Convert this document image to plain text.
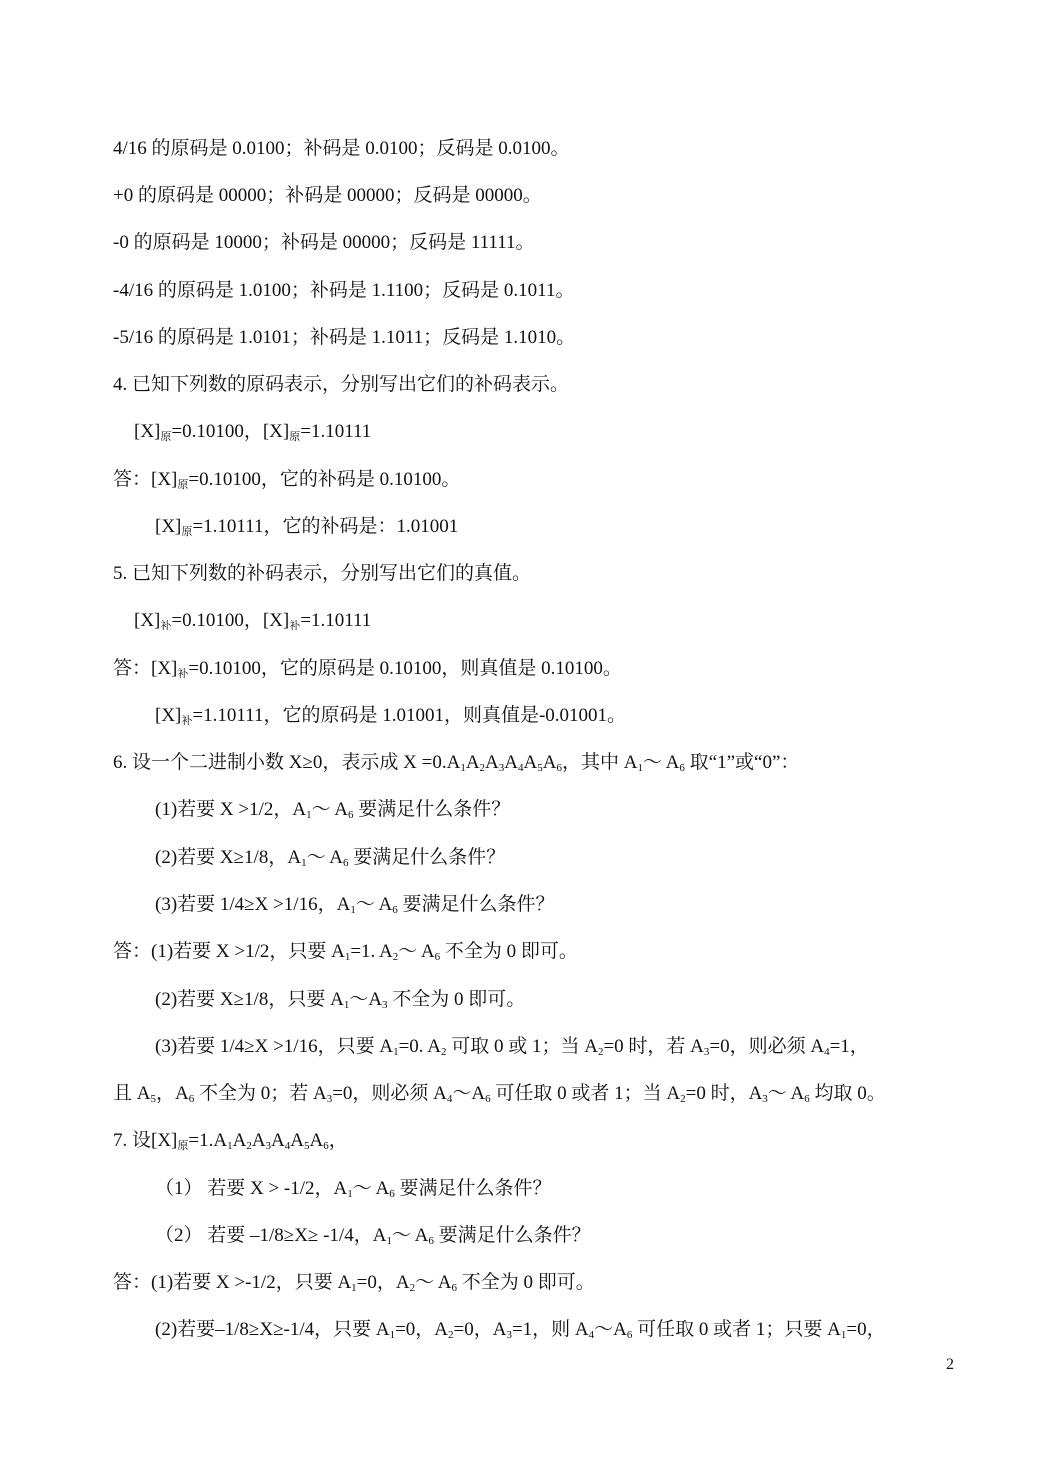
4/16 的原码是 0.0100；补码是 0.0100；反码是 0.0100。
+0 的原码是 00000；补码是 00000；反码是 00000。
-0 的原码是 10000；补码是 00000；反码是 11111。
-4/16 的原码是 1.0100；补码是 1.1100；反码是 0.1011。
-5/16 的原码是 1.0101；补码是 1.1011；反码是 1.1010。
4. 已知下列数的原码表示，分别写出它们的补码表示。
$[X]_原=0.10100$，$[X]_原=1.10111$
答：$[X]_原=0.10100$，它的补码是 0.10100。
$[X]_原=1.10111$，它的补码是：1.01001
5. 已知下列数的补码表示，分别写出它们的真值。
$[X]_补=0.10100$，$[X]_补=1.10111$
答：$[X]_补=0.10100$，它的原码是 0.10100，则真值是 0.10100。
$[X]_补=1.10111$，它的原码是 1.01001，则真值是-0.01001。
6. 设一个二进制小数 X≥0，表示成 $X =0.A_1A_2A_3A_4A_5A_6$，其中 $A_1\sim$ $A_6$ 取“1”或“0”：
(1)若要 X >1/2，$A_1\sim$ $A_6$ 要满足什么条件？
(2)若要 X≥1/8，$A_1\sim$ $A_6$ 要满足什么条件？
(3)若要 1/4≥X >1/16，$A_1\sim$ $A_6$ 要满足什么条件？
答：(1)若要 X >1/2，只要 $A_1=1$. $A_2\sim$ $A_6$ 不全为 0 即可。
(2)若要 X≥1/8，只要 $A_1\sim A_3$ 不全为 0 即可。
(3)若要 1/4≥X >1/16，只要 $A_1=0$. $A_2$ 可取 0 或 1；当 $A_2=0$ 时，若 $A_3=0$，则必须 $A_4=1$，
且 $A_5$，$A_6$ 不全为 0；若 $A_3=0$，则必须 $A_4\sim A_6$ 可任取 0 或者 1；当 $A_2=0$ 时，$A_3\sim$ $A_6$ 均取 0。
7. 设$[X]_原=1.A_1A_2A_3A_4A_5A_6$，
（1） 若要 X > -1/2，$A_1\sim$ $A_6$ 要满足什么条件？
（2） 若要 –1/8≥X≥ -1/4，$A_1\sim$ $A_6$ 要满足什么条件？
答：(1)若要 X >-1/2，只要 $A_1=0$，$A_2\sim$ $A_6$ 不全为 0 即可。
(2)若要–1/8≥X≥-1/4，只要 $A_1=0$，$A_2=0$，$A_3=1$，则 $A_4\sim A_6$ 可任取 0 或者 1；只要 $A_1=0$，
2
